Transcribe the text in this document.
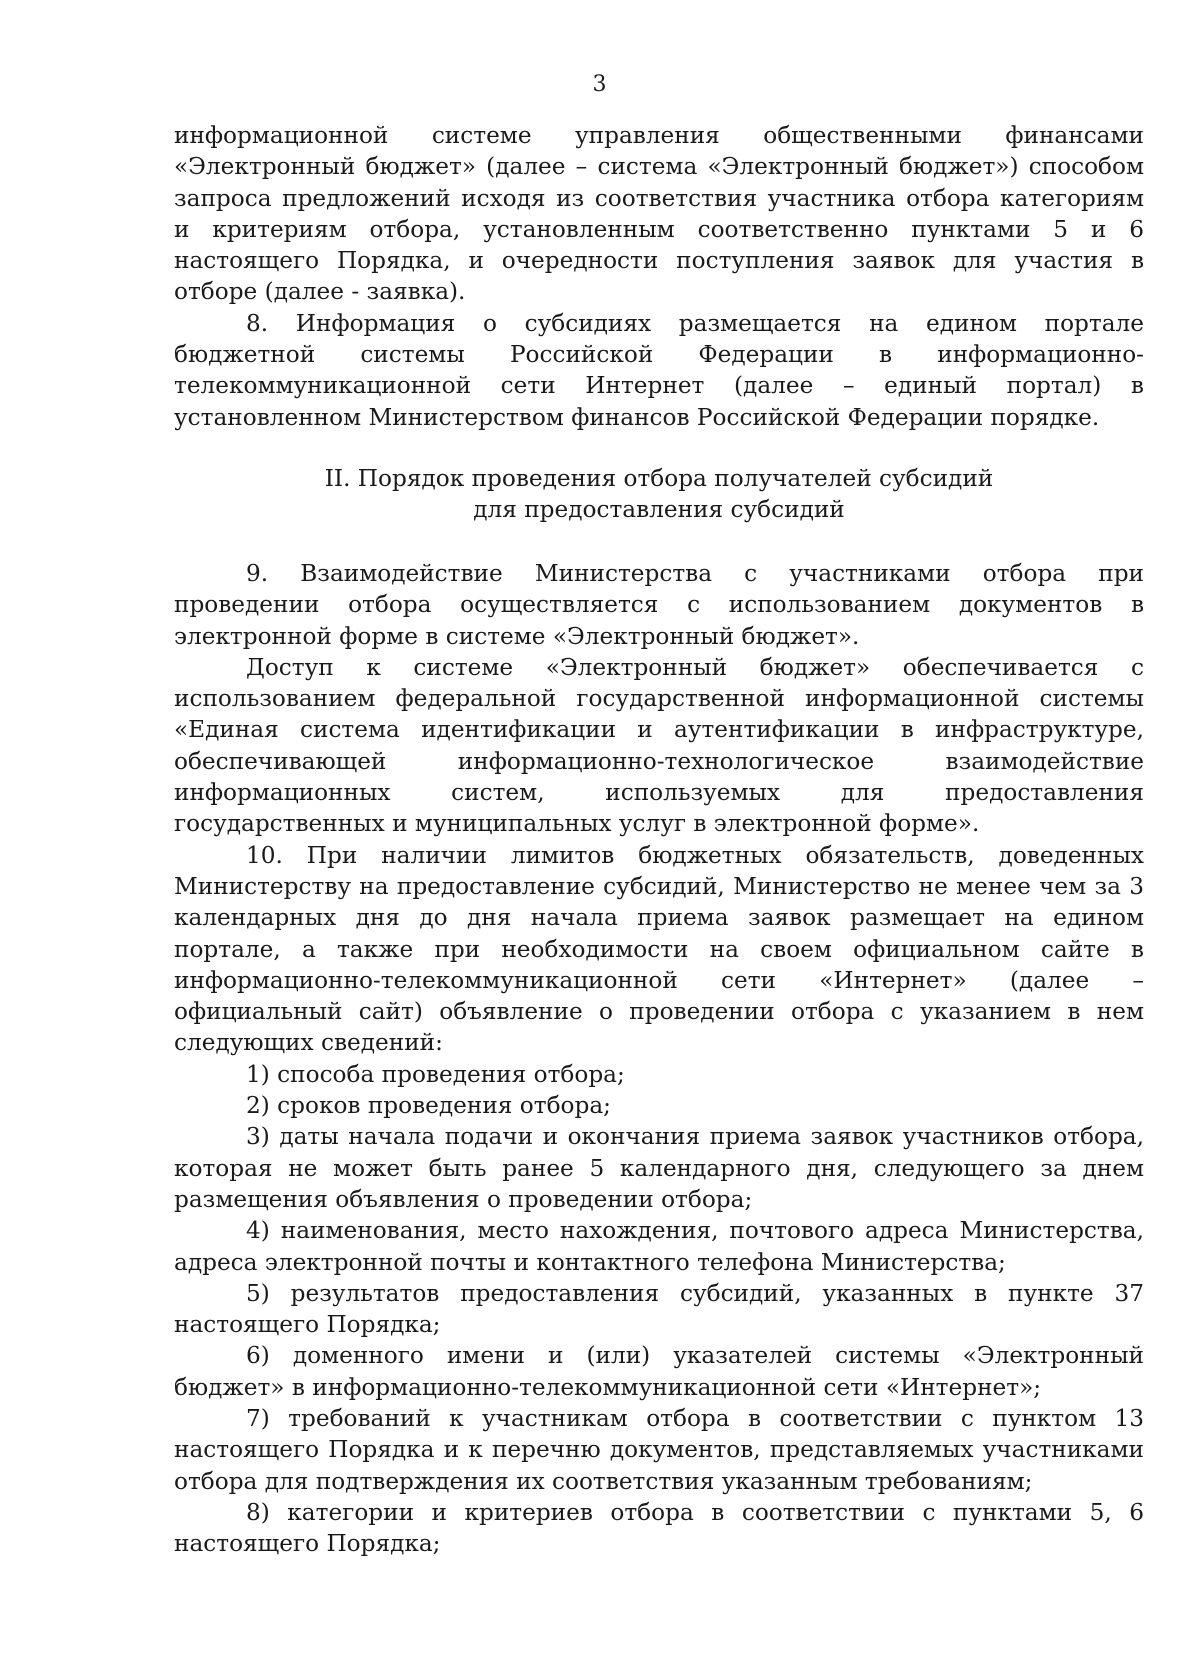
3

информационной системе управления общественными финансами «Электронный бюджет» (далее – система «Электронный бюджет») способом запроса предложений исходя из соответствия участника отбора категориям и критериям отбора, установленным соответственно пунктами 5 и 6 настоящего Порядка, и очередности поступления заявок для участия в отборе (далее - заявка).

8. Информация о субсидиях размещается на едином портале бюджетной системы Российской Федерации в информационно-телекоммуникационной сети Интернет (далее – единый портал) в установленном Министерством финансов Российской Федерации порядке.

II. Порядок проведения отбора получателей субсидий
для предоставления субсидий

9. Взаимодействие Министерства с участниками отбора при проведении отбора осуществляется с использованием документов в электронной форме в системе «Электронный бюджет».

Доступ к системе «Электронный бюджет» обеспечивается с использованием федеральной государственной информационной системы «Единая система идентификации и аутентификации в инфраструктуре, обеспечивающей информационно-технологическое взаимодействие информационных систем, используемых для предоставления государственных и муниципальных услуг в электронной форме».

10. При наличии лимитов бюджетных обязательств, доведенных Министерству на предоставление субсидий, Министерство не менее чем за 3 календарных дня до дня начала приема заявок размещает на едином портале, а также при необходимости на своем официальном сайте в информационно-телекоммуникационной сети «Интернет» (далее – официальный сайт) объявление о проведении отбора с указанием в нем следующих сведений:

1) способа проведения отбора;

2) сроков проведения отбора;

3) даты начала подачи и окончания приема заявок участников отбора, которая не может быть ранее 5 календарного дня, следующего за днем размещения объявления о проведении отбора;

4) наименования, место нахождения, почтового адреса Министерства, адреса электронной почты и контактного телефона Министерства;

5) результатов предоставления субсидий, указанных в пункте 37 настоящего Порядка;

6) доменного имени и (или) указателей системы «Электронный бюджет» в информационно-телекоммуникационной сети «Интернет»;

7) требований к участникам отбора в соответствии с пунктом 13 настоящего Порядка и к перечню документов, представляемых участниками отбора для подтверждения их соответствия указанным требованиям;

8) категории и критериев отбора в соответствии с пунктами 5, 6 настоящего Порядка;
